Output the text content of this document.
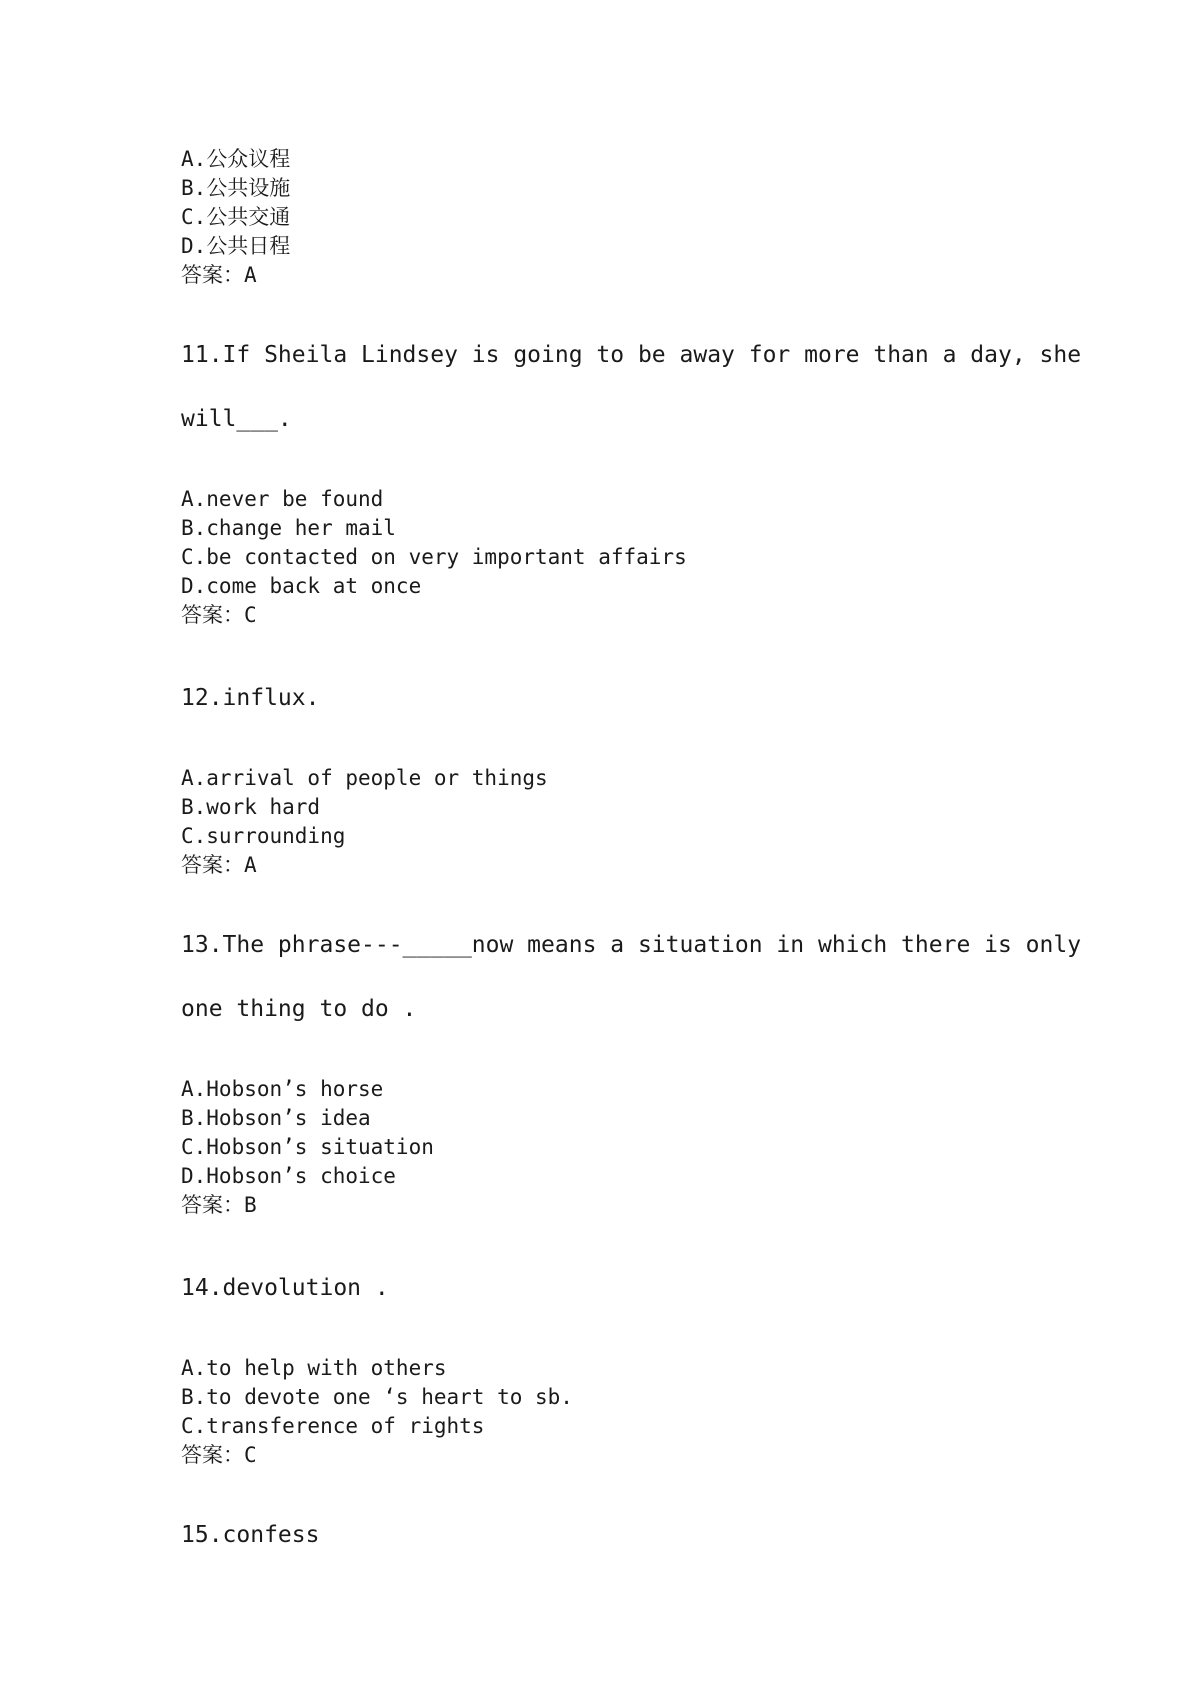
A.公众议程
B.公共设施
C.公共交通
D.公共日程
答案：A
11.If Sheila Lindsey is going to be away for more than a day, she
will___.
A.never be found
B.change her mail
C.be contacted on very important affairs
D.come back at once
答案：C
12.influx.
A.arrival of people or things
B.work hard
C.surrounding
答案：A
13.The phrase---_____now means a situation in which there is only
one thing to do .
A.Hobson’s horse
B.Hobson’s idea
C.Hobson’s situation
D.Hobson’s choice
答案：B
14.devolution .
A.to help with others
B.to devote one ‘s heart to sb.
C.transference of rights
答案：C
15.confess
